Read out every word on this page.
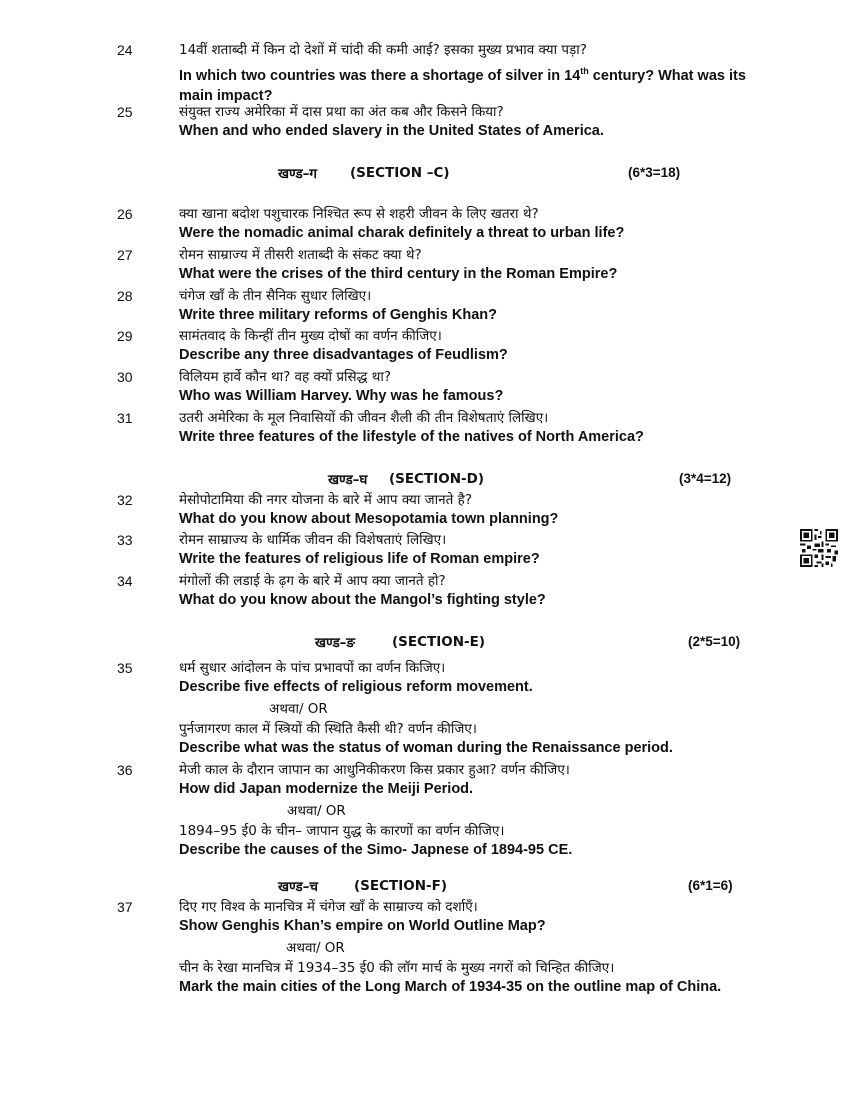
24	14वीं शताब्दी में किन दो देशों में चांदी की कमी आई? इसका मुख्य प्रभाव क्या पड़ा?
In which two countries was there a shortage of silver in 14th century? What was its main impact?
25	संयुक्त राज्य अमेरिका में दास प्रथा का अंत कब और किसने किया?
When and who ended slavery in the United States of America.
खण्ड–ग (SECTION –C)	(6*3=18)
26	क्या खाना बदोश पशुचारक निश्चित रूप से शहरी जीवन के लिए खतरा थे?
Were the nomadic animal charak definitely a threat to urban life?
27	रोमन साम्राज्य में तीसरी शताब्दी के संकट क्या थे?
What were the crises of the third century in the Roman Empire?
28	चंगेज खाँ के तीन सैनिक सुधार लिखिए।
Write three military reforms of Genghis Khan?
29	सामंतवाद के किन्हीं तीन मुख्य दोषों का वर्णन कीजिए।
Describe any three disadvantages of Feudlism?
30	विलियम हार्वे कौन था? वह क्यों प्रसिद्ध था?
Who was William Harvey. Why was he famous?
31	उतरी अमेरिका के मूल निवासियों की जीवन शैली की तीन विशेषताएं लिखिए।
Write three features of the lifestyle of the natives of North America?
खण्ड–घ (SECTION-D)	(3*4=12)
32	मेसोपोटामिया की नगर योजना के बारे में आप क्या जानते है?
What do you know about Mesopotamia town planning?
33	रोमन साम्राज्य के धार्मिक जीवन की विशेषताएं लिखिए।
Write the features of religious life of Roman empire?
34	मंगोलों की लडाई के ढ़ग के बारे में आप क्या जानते हो?
What do you know about the Mangol’s fighting style?
खण्ड–ङ	(SECTION-E)	(2*5=10)
35	धर्म सुधार आंदोलन के पांच प्रभावपों का वर्णन किजिए।
Describe five effects of religious reform movement.
अथवा/ OR
पुर्नजागरण काल में स्त्रियों की स्थिति कैसी थी? वर्णन कीजिए।
Describe what was the status of woman during the Renaissance period.
36	मेजी काल के दौरान जापान का आधुनिकीकरण किस प्रकार हुआ? वर्णन कीजिए।
How did Japan modernize the Meiji Period.
अथवा/ OR
1894–95 ई0 के चीन– जापान युद्ध के कारणों का वर्णन कीजिए।
Describe the causes of the Simo- Japnese of 1894-95 CE.
खण्ड–च	(SECTION-F)	(6*1=6)
37	दिए गए विश्व के मानचित्र में चंगेज खाँ के साम्राज्य को दर्शाएँ।
Show Genghis Khan’s empire on World Outline Map?
अथवा/ OR
चीन के रेखा मानचित्र में 1934–35 ई0 की लॉग मार्च के मुख्य नगरों को चिन्हित कीजिए।
Mark the main cities of the Long March of 1934-35 on the outline map of China.
